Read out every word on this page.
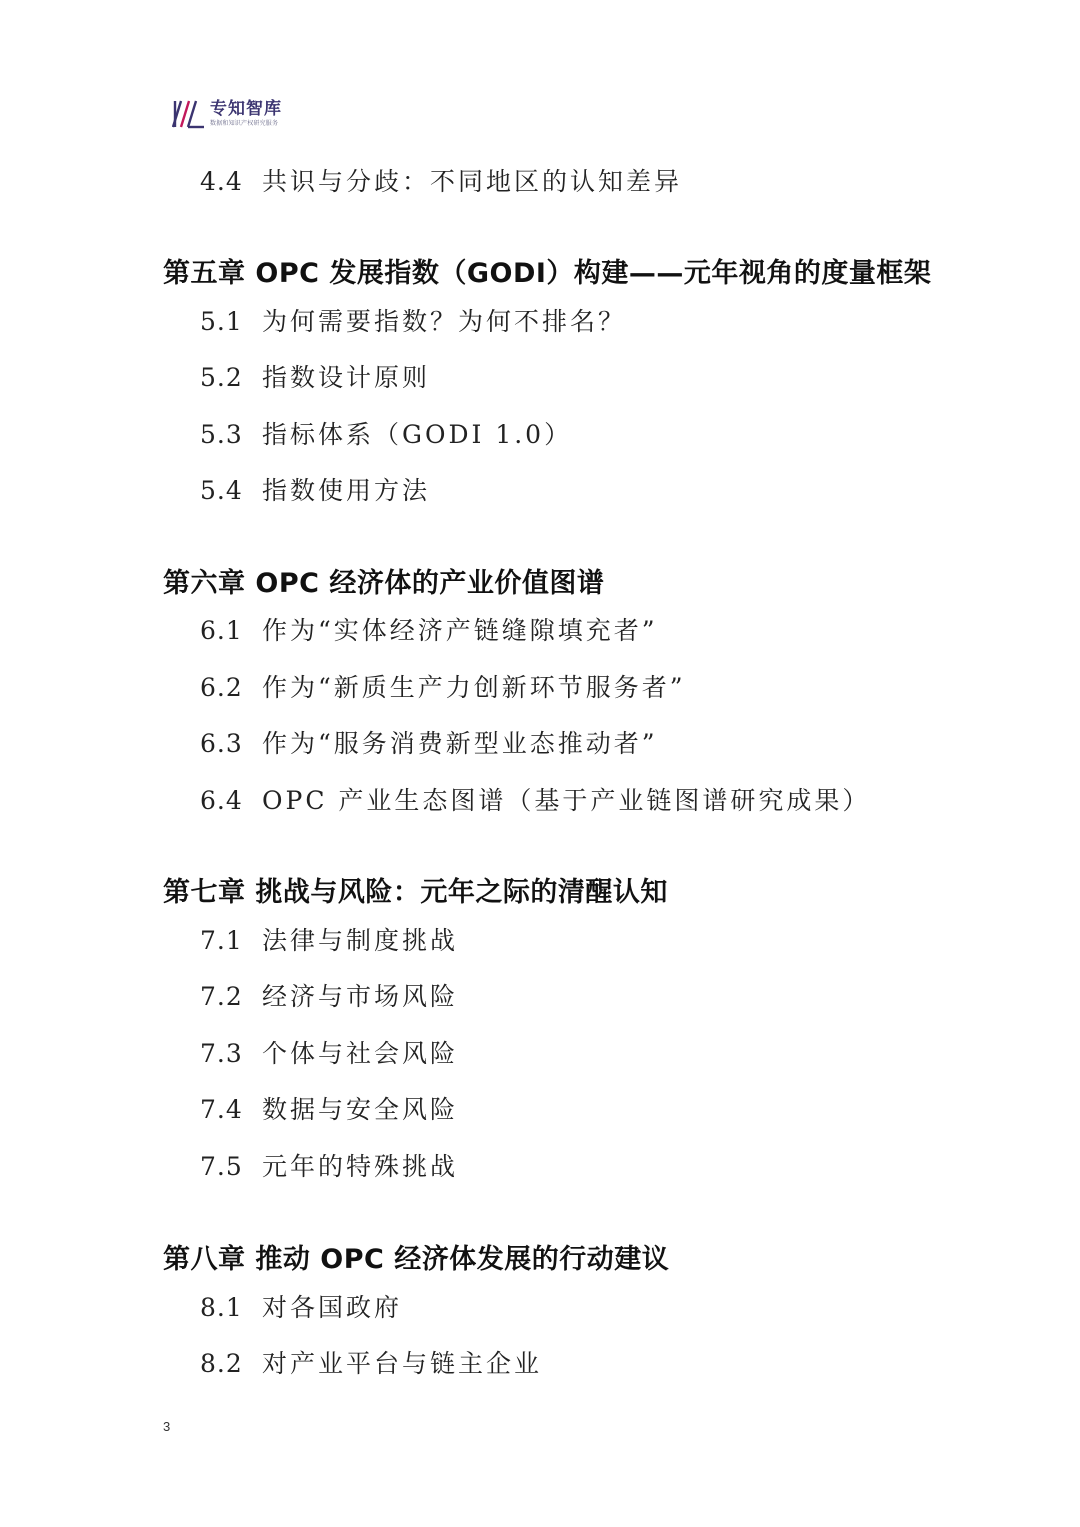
专知智库
数据和知识产权研究服务
4.4 共识与分歧：不同地区的认知差异
第五章 OPC 发展指数（GODI）构建——元年视角的度量框架
5.1 为何需要指数？为何不排名？
5.2 指数设计原则
5.3 指标体系（GODI 1.0）
5.4 指数使用方法
第六章 OPC 经济体的产业价值图谱
6.1 作为“实体经济产链缝隙填充者”
6.2 作为“新质生产力创新环节服务者”
6.3 作为“服务消费新型业态推动者”
6.4 OPC 产业生态图谱（基于产业链图谱研究成果）
第七章 挑战与风险：元年之际的清醒认知
7.1 法律与制度挑战
7.2 经济与市场风险
7.3 个体与社会风险
7.4 数据与安全风险
7.5 元年的特殊挑战
第八章 推动 OPC 经济体发展的行动建议
8.1 对各国政府
8.2 对产业平台与链主企业
3
